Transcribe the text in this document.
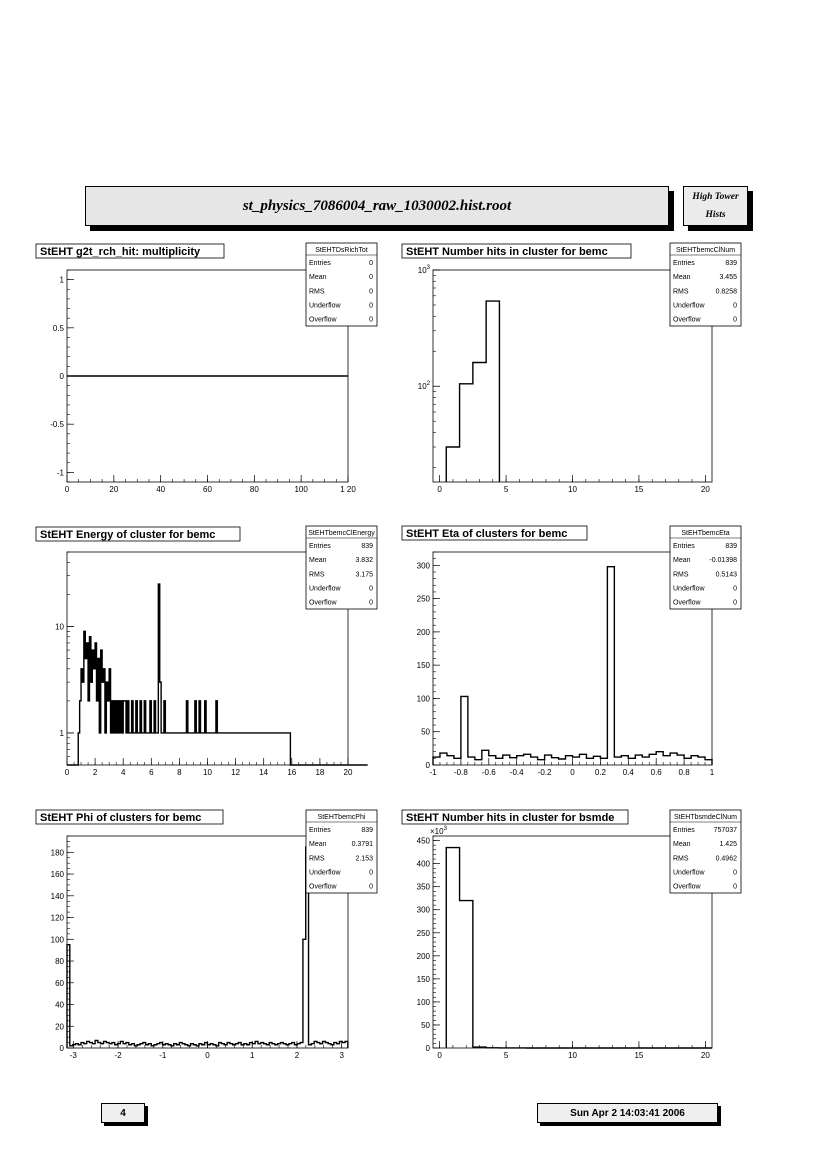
st_physics_7086004_raw_1030002.hist.root
High Tower
Hists
0	20	40	60	80	100	1 20
-1
-0.5
0
0.5
1
StEHT g2t_rch_hit: multiplicity	StEHTDsRichTot
Entries	0
Mean	0
RMS	0
Underflow	0
Overflow	0
0	5	10	15	20
$10^2$
$10^3$
StEHT Number hits in cluster for bemc	StEHTbemcClNum
Entries	839
Mean	3.455
RMS	0.8258
Underflow	0
Overflow	0
0	2	4	6	8	10 12 14 16 18 20
1
10
StEHT Energy of cluster for bemc	StEHTbemcClEnergy
Entries	839
Mean	3.832
RMS	3.175
Underflow	0
Overflow	0
-1 -0.8 -0.6 -0.4 -0.2 0	0.2 0.4 0.6 0.8	1
0
50
100
150
200
250
300
StEHT Eta of clusters for bemc	StEHTbemcEta
Entries	839
Mean	-0.01398
RMS	0.5143
Underflow	0
Overflow	0
-3	-2	-1	0	1	2	3
0
20
40
60
80
100
120
140
160
180
StEHT Phi of clusters for bemc	StEHTbemcPhi
Entries	839
Mean	0.3791
RMS	2.153
Underflow	0
Overflow	0
0	5	10	15	20
0
50
100
150
200
250
300
350
400
450
$\times 10^3$
StEHT Number hits in cluster for bsmde	StEHTbsmdeClNum
Entries	757037
Mean	1.425
RMS	0.4962
Underflow	0
Overflow	0
4	Sun Apr 2 14:03:41 2006
